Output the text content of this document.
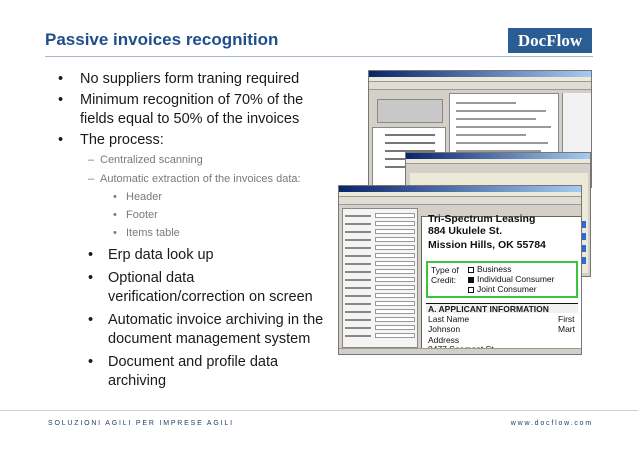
Passive invoices recognition	DocFlow
• No suppliers form traning required
• Minimum recognition of 70% of the fields equal to 50% of the invoices
• The process:
– Centralized scanning
– Automatic extraction of the invoices data:
• Header
• Footer
• Items table
• Erp data look up
• Optional data verification/correction on screen
• Automatic invoice archiving in the document management system
• Document and profile data archiving
Tri-Spectrum Leasing
884 Ukulele St.
Mission Hills, OK 55784
Type of
Credit:
Business
Individual Consumer
Joint Consumer
A. APPLICANT INFORMATION
Last Name	First
Johnson	Mart
Address
SOLUZIONI AGILI PER IMPRESE AGILI	www.docflow.com
